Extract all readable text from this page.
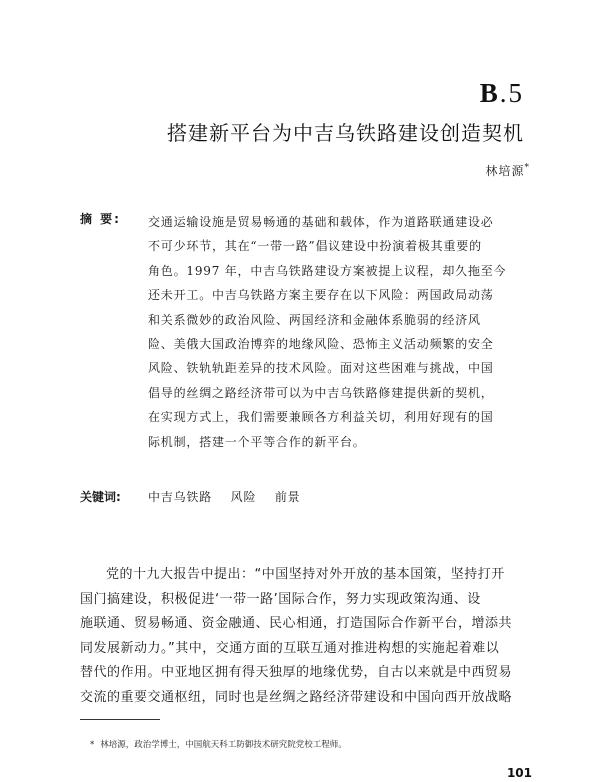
B.5
搭建新平台为中吉乌铁路建设创造契机
林培源*
摘 要: 交通运输设施是贸易畅通的基础和载体，作为道路联通建设必
不可少环节，其在“一带一路”倡议建设中扮演着极其重要的
角色。1997 年，中吉乌铁路建设方案被提上议程，却久拖至今
还未开工。中吉乌铁路方案主要存在以下风险：两国政局动荡
和关系微妙的政治风险、两国经济和金融体系脆弱的经济风
险、美俄大国政治博弈的地缘风险、恐怖主义活动频繁的安全
风险、铁轨轨距差异的技术风险。面对这些困难与挑战，中国
倡导的丝绸之路经济带可以为中吉乌铁路修建提供新的契机，
在实现方式上，我们需要兼顾各方利益关切，利用好现有的国
际机制，搭建一个平等合作的新平台。
关键词: 中吉乌铁路 风险 前景
党的十九大报告中提出：“中国坚持对外开放的基本国策，坚持打开
国门搞建设，积极促进‘一带一路’国际合作，努力实现政策沟通、设
施联通、贸易畅通、资金融通、民心相通，打造国际合作新平台，增添共
同发展新动力。”其中，交通方面的互联互通对推进构想的实施起着难以
替代的作用。中亚地区拥有得天独厚的地缘优势，自古以来就是中西贸易
交流的重要交通枢纽，同时也是丝绸之路经济带建设和中国向西开放战略
* 林培源，政治学博士，中国航天科工防御技术研究院党校工程师。
101
